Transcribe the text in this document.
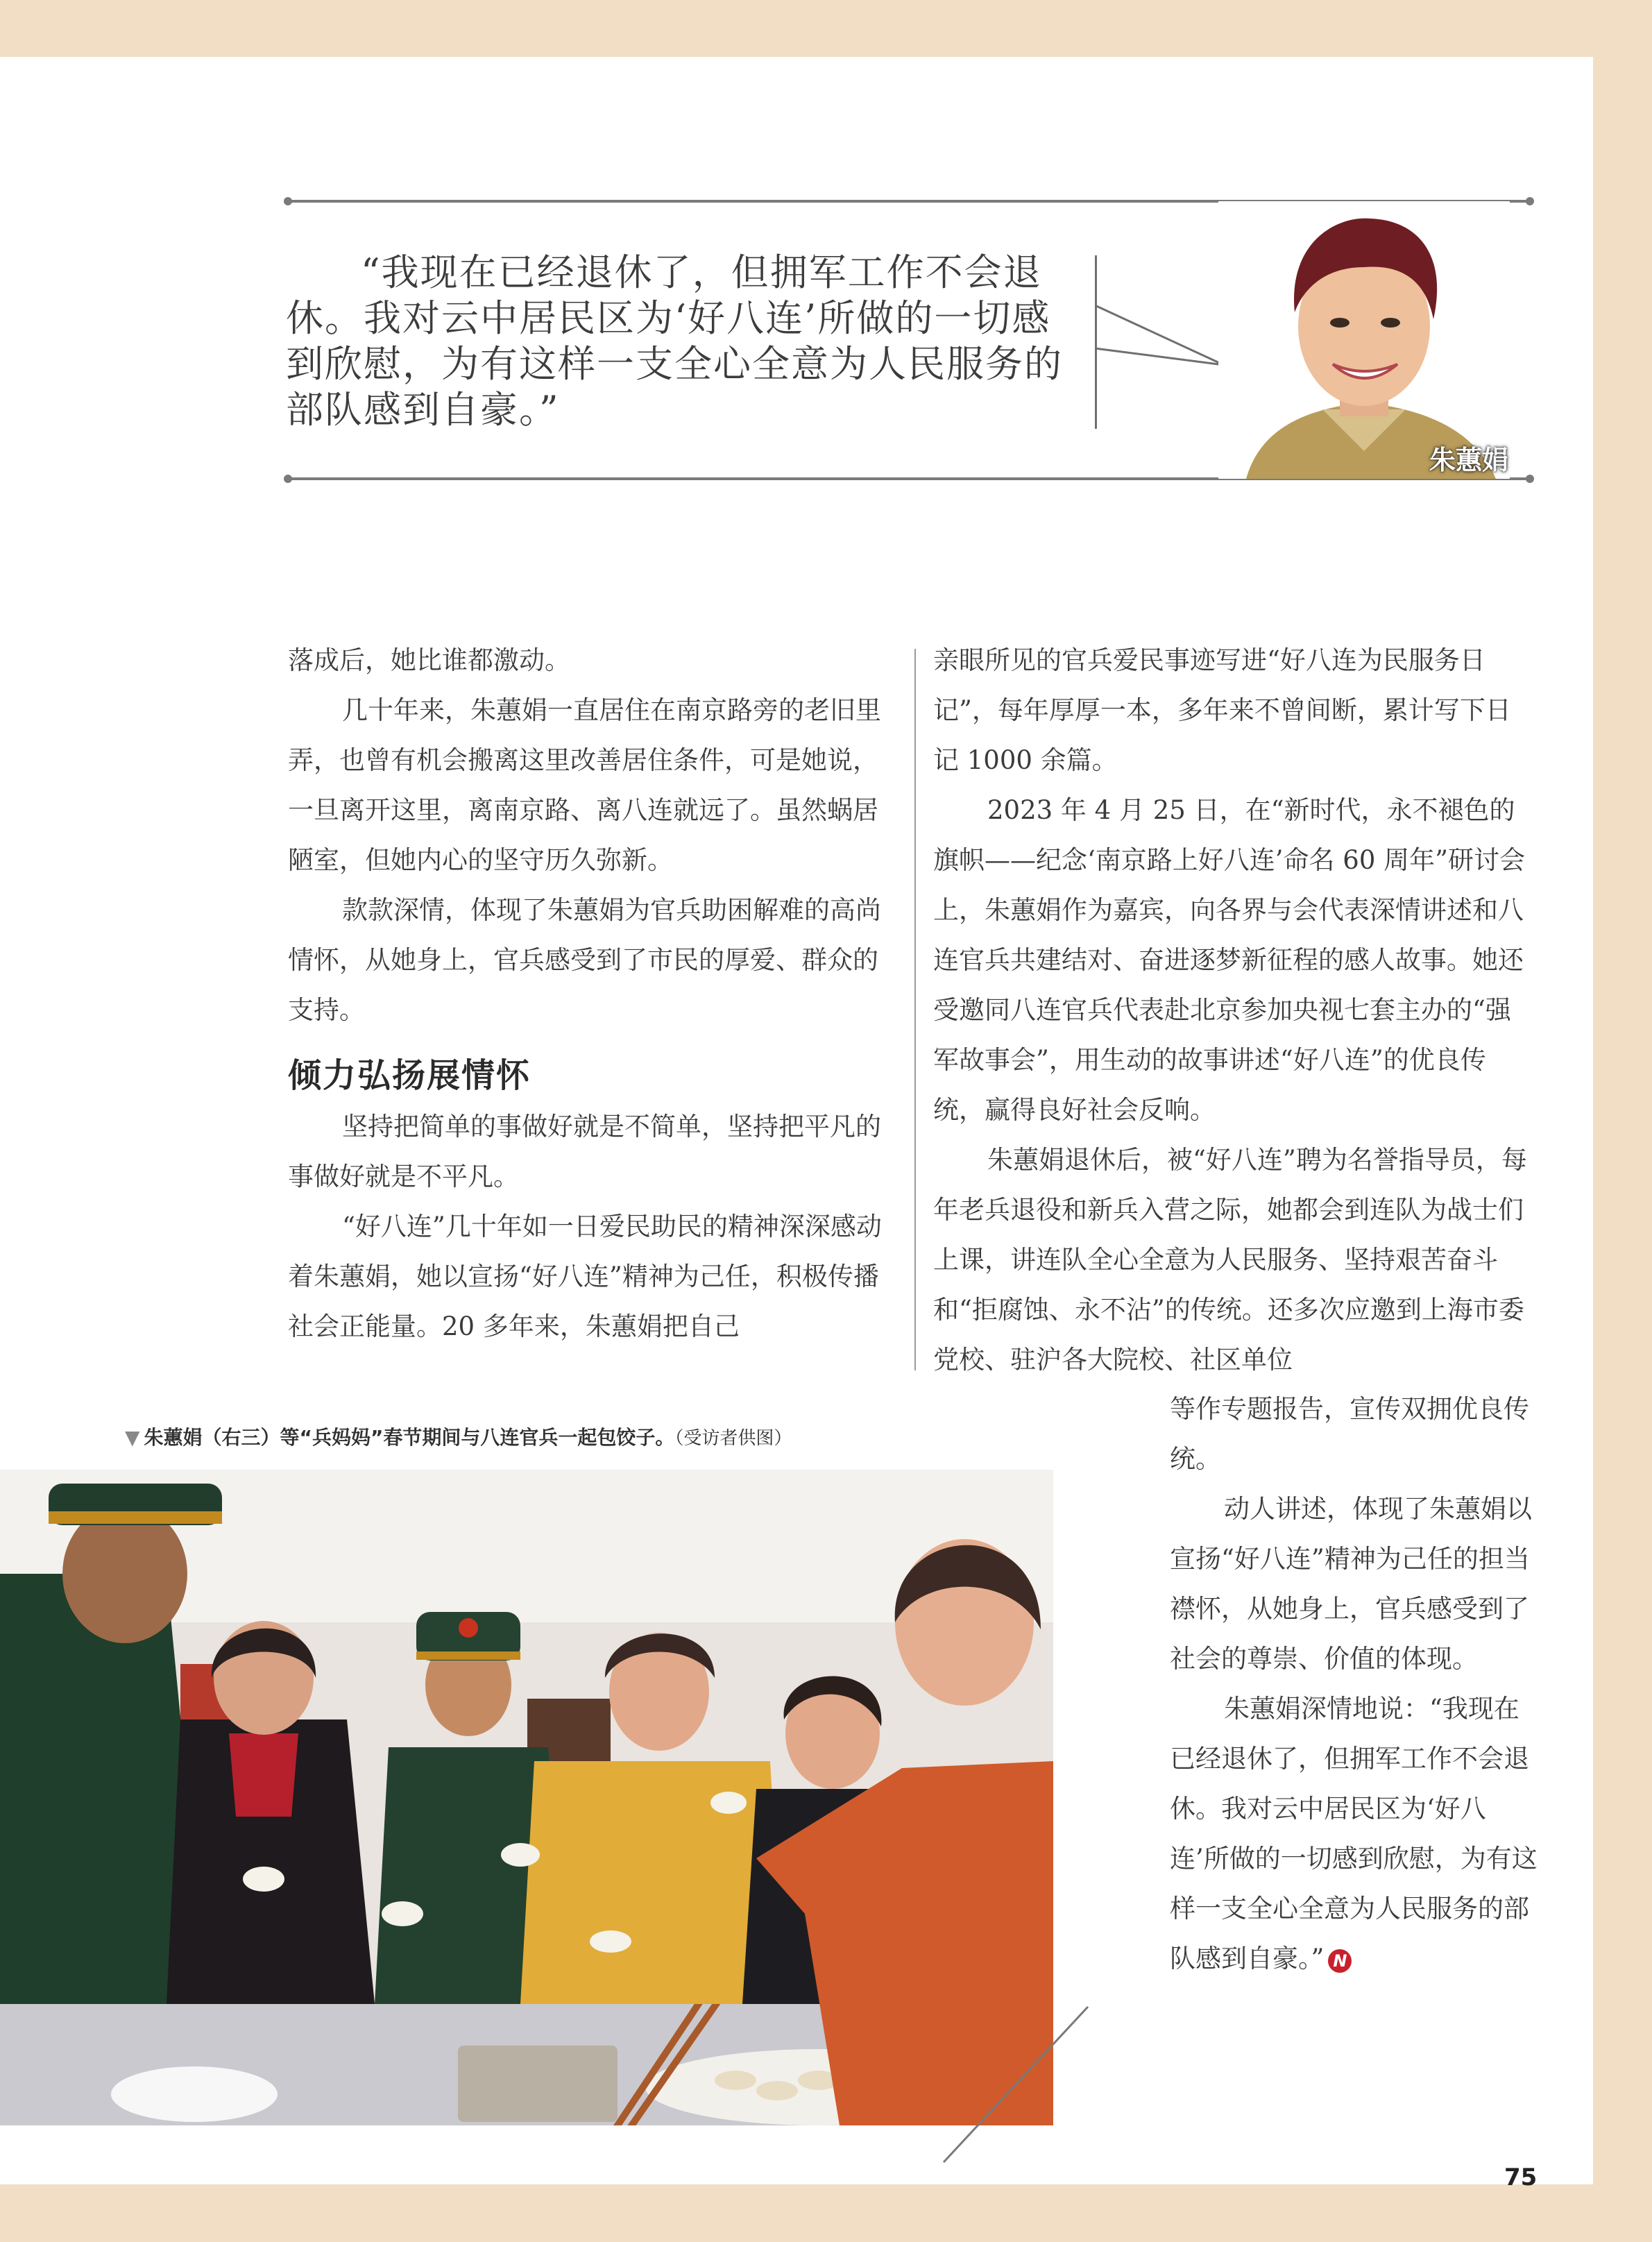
“我现在已经退休了，但拥军工作不会退休。我对云中居民区为‘好八连’所做的一切感到欣慰，为有这样一支全心全意为人民服务的部队感到自豪。”

朱蕙娟

落成后，她比谁都激动。

几十年来，朱蕙娟一直居住在南京路旁的老旧里弄，也曾有机会搬离这里改善居住条件，可是她说，一旦离开这里，离南京路、离八连就远了。虽然蜗居陋室，但她内心的坚守历久弥新。

款款深情，体现了朱蕙娟为官兵助困解难的高尚情怀，从她身上，官兵感受到了市民的厚爱、群众的支持。

倾力弘扬展情怀

坚持把简单的事做好就是不简单，坚持把平凡的事做好就是不平凡。

“好八连”几十年如一日爱民助民的精神深深感动着朱蕙娟，她以宣扬“好八连”精神为己任，积极传播社会正能量。20 多年来，朱蕙娟把自己

亲眼所见的官兵爱民事迹写进“好八连为民服务日记”，每年厚厚一本，多年来不曾间断，累计写下日记 1000 余篇。

2023 年 4 月 25 日，在“新时代，永不褪色的旗帜——纪念‘南京路上好八连’命名 60 周年”研讨会上，朱蕙娟作为嘉宾，向各界与会代表深情讲述和八连官兵共建结对、奋进逐梦新征程的感人故事。她还受邀同八连官兵代表赴北京参加央视七套主办的“强军故事会”，用生动的故事讲述“好八连”的优良传统，赢得良好社会反响。

朱蕙娟退休后，被“好八连”聘为名誉指导员，每年老兵退役和新兵入营之际，她都会到连队为战士们上课，讲连队全心全意为人民服务、坚持艰苦奋斗和“拒腐蚀、永不沾”的传统。还多次应邀到上海市委党校、驻沪各大院校、社区单位

等作专题报告，宣传双拥优良传统。

动人讲述，体现了朱蕙娟以宣扬“好八连”精神为己任的担当襟怀，从她身上，官兵感受到了社会的尊崇、价值的体现。

朱蕙娟深情地说：“我现在已经退休了，但拥军工作不会退休。我对云中居民区为‘好八连’所做的一切感到欣慰，为有这样一支全心全意为人民服务的部队感到自豪。” N

▼ 朱蕙娟（右三）等“兵妈妈”春节期间与八连官兵一起包饺子。（受访者供图）
75
